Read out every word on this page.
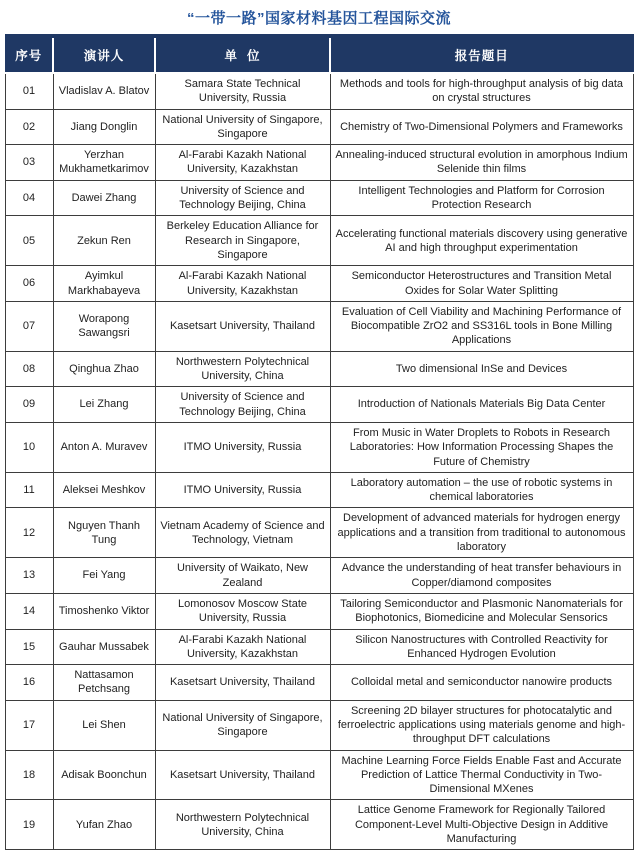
“一带一路”国家材料基因工程国际交流
序号	演讲人	单  位	报告题目
01	Vladislav A. Blatov	Samara State Technical University, Russia	Methods and tools for high-throughput analysis of big data on crystal structures
02	Jiang Donglin	National University of Singapore, Singapore	Chemistry of Two-Dimensional Polymers and Frameworks
03	Yerzhan Mukhametkarimov	Al-Farabi Kazakh National University, Kazakhstan	Annealing-induced structural evolution in amorphous Indium Selenide thin films
04	Dawei Zhang	University of Science and Technology Beijing, China	Intelligent Technologies and Platform for Corrosion Protection Research
05	Zekun Ren	Berkeley Education Alliance for Research in Singapore, Singapore	Accelerating functional materials discovery using generative AI and high throughput experimentation
06	Ayimkul Markhabayeva	Al-Farabi Kazakh National University, Kazakhstan	Semiconductor Heterostructures and Transition Metal Oxides for Solar Water Splitting
07	Worapong Sawangsri	Kasetsart University, Thailand	Evaluation of Cell Viability and Machining Performance of Biocompatible ZrO2 and SS316L tools in Bone Milling Applications
08	Qinghua Zhao	Northwestern Polytechnical University, China	Two dimensional InSe and Devices
09	Lei Zhang	University of Science and Technology Beijing, China	Introduction of Nationals Materials Big Data Center
10	Anton A. Muravev	ITMO University, Russia	From Music in Water Droplets to Robots in Research Laboratories: How Information Processing Shapes the Future of Chemistry
11	Aleksei Meshkov	ITMO University, Russia	Laboratory automation – the use of robotic systems in chemical laboratories
12	Nguyen Thanh Tung	Vietnam Academy of Science and Technology, Vietnam	Development of advanced materials for hydrogen energy applications and a transition from traditional to autonomous laboratory
13	Fei Yang	University of Waikato, New Zealand	Advance the understanding of heat transfer behaviours in Copper/diamond composites
14	Timoshenko Viktor	Lomonosov Moscow State University, Russia	Tailoring Semiconductor and Plasmonic Nanomaterials for Biophotonics, Biomedicine and Molecular Sensorics
15	Gauhar Mussabek	Al-Farabi Kazakh National University, Kazakhstan	Silicon Nanostructures with Controlled Reactivity for Enhanced Hydrogen Evolution
16	Nattasamon Petchsang	Kasetsart University, Thailand	Colloidal metal and semiconductor nanowire products
17	Lei Shen	National University of Singapore, Singapore	Screening 2D bilayer structures for photocatalytic and ferroelectric applications using materials genome and high-throughput DFT calculations
18	Adisak Boonchun	Kasetsart University, Thailand	Machine Learning Force Fields Enable Fast and Accurate Prediction of Lattice Thermal Conductivity in Two-Dimensional MXenes
19	Yufan Zhao	Northwestern Polytechnical University, China	Lattice Genome Framework for Regionally Tailored Component-Level Multi-Objective Design in Additive Manufacturing
